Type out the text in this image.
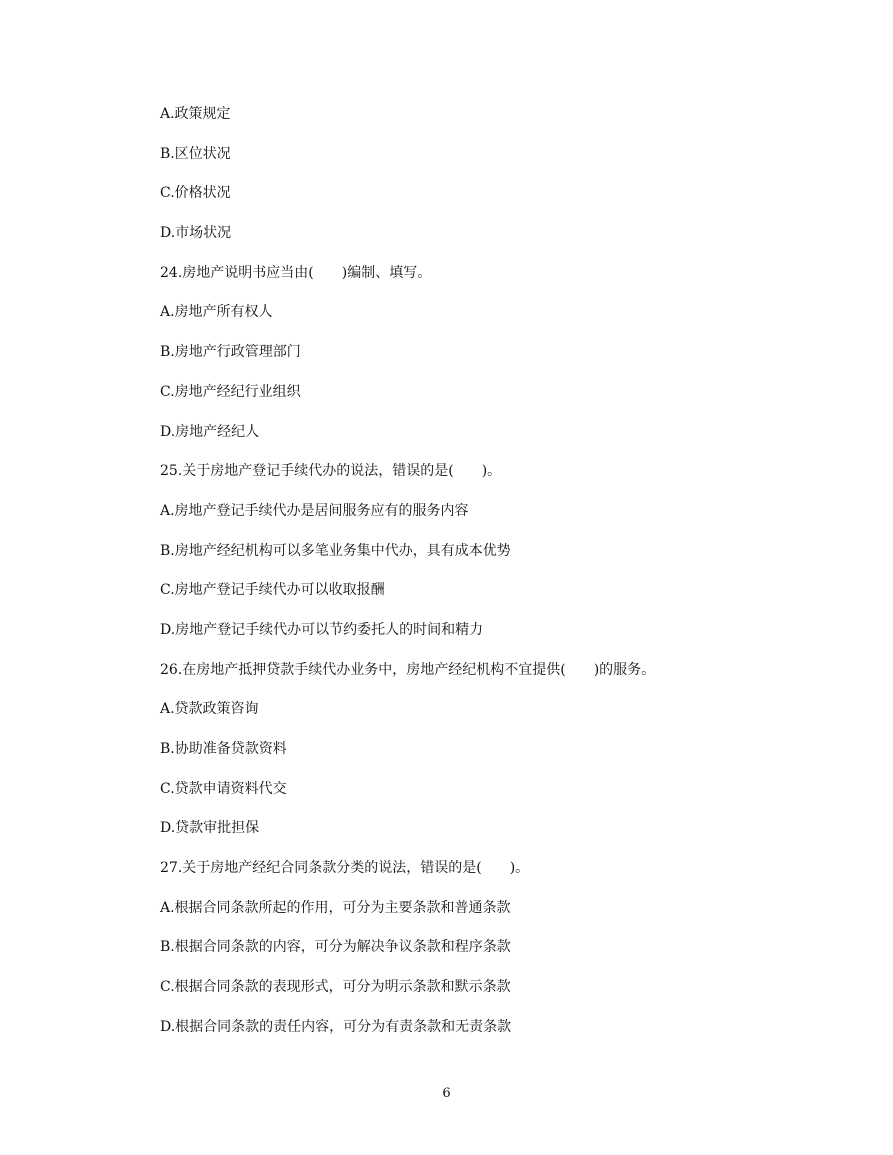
A.政策规定
B.区位状况
C.价格状况
D.市场状况
24.房地产说明书应当由(　　)编制、填写。
A.房地产所有权人
B.房地产行政管理部门
C.房地产经纪行业组织
D.房地产经纪人
25.关于房地产登记手续代办的说法，错误的是(　　)。
A.房地产登记手续代办是居间服务应有的服务内容
B.房地产经纪机构可以多笔业务集中代办，具有成本优势
C.房地产登记手续代办可以收取报酬
D.房地产登记手续代办可以节约委托人的时间和精力
26.在房地产抵押贷款手续代办业务中，房地产经纪机构不宜提供(　　)的服务。
A.贷款政策咨询
B.协助准备贷款资料
C.贷款申请资料代交
D.贷款审批担保
27.关于房地产经纪合同条款分类的说法，错误的是(　　)。
A.根据合同条款所起的作用，可分为主要条款和普通条款
B.根据合同条款的内容，可分为解决争议条款和程序条款
C.根据合同条款的表现形式，可分为明示条款和默示条款
D.根据合同条款的责任内容，可分为有责条款和无责条款
6
